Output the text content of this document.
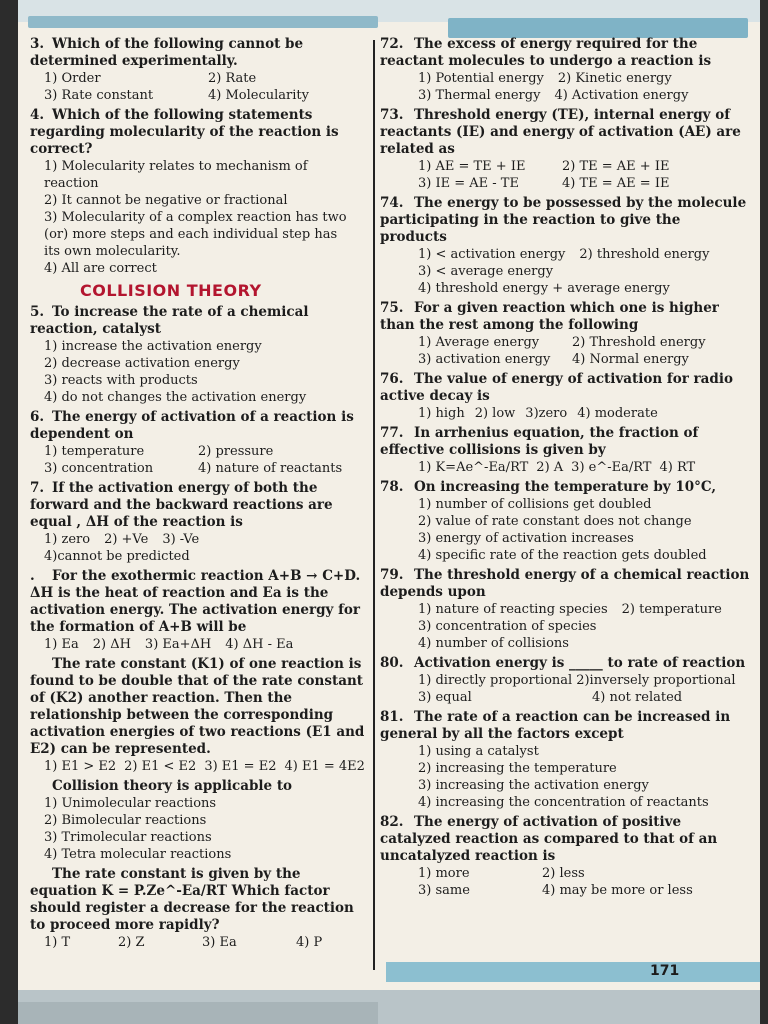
3. Which of the following cannot be determined experimentally.
1) Order	2) Rate
3) Rate constant	4) Molecularity
4. Which of the following statements regarding molecularity of the reaction is correct?
1) Molecularity relates to mechanism of reaction
2) It cannot be negative or fractional
3) Molecularity of a complex reaction has two (or) more steps and each individual step has its own molecularity.
4) All are correct
COLLISION THEORY
5. To increase the rate of a chemical reaction, catalyst
1) increase the activation energy
2) decrease activation energy
3) reacts with products
4) do not changes the activation energy
6. The energy of activation of a reaction is dependent on
1) temperature	2) pressure
3) concentration	4) nature of reactants
7. If the activation energy of both the forward and the backward reactions are equal , ΔH of the reaction is
1) zero 2) +Ve 3) -Ve
4)cannot be predicted
. For the exothermic reaction A+B → C+D. ΔH is the heat of reaction and Ea is the activation energy. The activation energy for the formation of A+B will be
1) Ea 2) ΔH 3) Ea+ΔH 4) ΔH - Ea
The rate constant (K1) of one reaction is found to be double that of the rate constant of (K2) another reaction. Then the relationship between the corresponding activation energies of two reactions (E1 and E2) can be represented.
1) E1 > E2 2) E1 < E2 3) E1 = E2 4) E1 = 4E2
Collision theory is applicable to
1) Unimolecular reactions
2) Bimolecular reactions
3) Trimolecular reactions
4) Tetra molecular reactions
The rate constant is given by the equation K = P.Ze^-Ea/RT Which factor should register a decrease for the reaction to proceed more rapidly?
1) T	2) Z	3) Ea	4) P
72. The excess of energy required for the reactant molecules to undergo a reaction is
1) Potential energy 2) Kinetic energy
3) Thermal energy 4) Activation energy
73. Threshold energy (TE), internal energy of reactants (IE) and energy of activation (AE) are related as
1) AE = TE + IE	2) TE = AE + IE
3) IE = AE - TE	4) TE = AE = IE
74. The energy to be possessed by the molecule participating in the reaction to give the products
1) < activation energy 2) threshold energy

3) < average energy
4) threshold energy + average energy
75. For a given reaction which one is higher than the rest among the following
1) Average energy	2) Threshold energy
3) activation energy 4) Normal energy
76. The value of energy of activation for radio active decay is
1) high 2) low 3)zero 4) moderate
77. In arrhenius equation, the fraction of effective collisions is given by
1) K=Ae^-Ea/RT 2) A 3) e^-Ea/RT 4) RT
78. On increasing the temperature by 10°C,
1) number of collisions get doubled
2) value of rate constant does not change
3) energy of activation increases
4) specific rate of the reaction gets doubled
79. The threshold energy of a chemical reaction depends upon
1) nature of reacting species 2) temperature

3) concentration of species
4) number of collisions
80. Activation energy is _____ to rate of reaction
1) directly proportional 2)inversely proportional
3) equal	4) not related
81. The rate of a reaction can be increased in general by all the factors except
1) using a catalyst
2) increasing the temperature
3) increasing the activation energy
4) increasing the concentration of reactants
82. The energy of activation of positive catalyzed reaction as compared to that of an uncatalyzed reaction is
1) more	2) less
3) same	4) may be more or less
171
